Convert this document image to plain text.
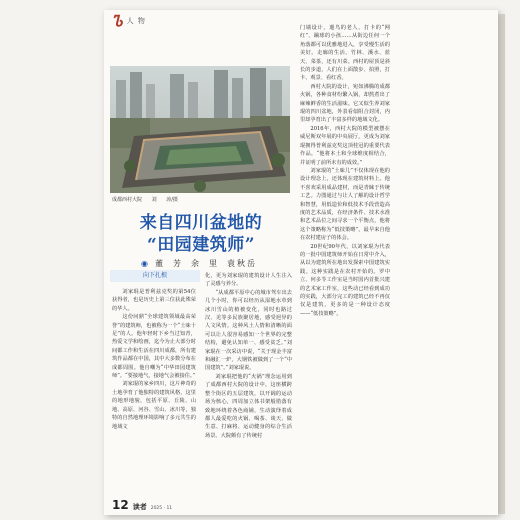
Ꮦ 人 物
成都西村大院 刘 涛/摄
来自四川盆地的
“田园建筑师”
◉ 董 芳 余 里 袁秋岳
向下扎根

刘家琨是普利兹克奖的第54位获得者，也是历史上第三位获此殊荣的华人。

这份问鼎“全球建筑领域最高荣誉”的建筑师，也被称为一个“土味十足”的人。他年轻时下乡当过知青，热爱文学和绘画，迄今为止大部分时间都工作和生活在四川成都，所有建筑作品都在中国，其中大多数分布在成都周围。他自嘲为“中华田园建筑师”。“要接地气，接地气会被接住。”

刘家琨的家乡四川，这片神奇的土地孕育了他独特的建筑风格，这里的地形地貌，包括平原、丘陵、山地、高原、河谷、雪山、冰川等，独特的自然地理环境影响了多元共生的地域文

化，更为刘家琨的建筑设计人生注入了灵感与养分。

“从成都平原中心的城市驾车出去几个小时，你可以经历从湿地水草到冰川雪山的植被变化，同时也路过汉、羌等多民族聚居地，感受迥异的人文风情。这种风土人情和清晰的面可以让人很容易感知一个世界的完整结构，避免认知单一、感受贫乏。”刘家琨在一次采访中说，“关于现金丰富和融汇一炉，大钢铁被做到了一个“中国建筑”。”刘家琨说。

刘家琨把他的“火锅”理念运用到了成都西村大院的设计中。这座横跨整个街区的五层建筑，以开阔的运动场为核心，四周加立体书架般错落有致地环绕着各色商铺，生动演绎着成都人最爱吃的火锅、喝茶、谈天、做生意、打麻将、运动健身的综合生活场景。大院颇有了传统村

门墙设计，遛鸟的老人、打卡的“网红”、蹦球的小孩……从街边任何一个角落都可以优雅地进入，享受慢生活的美好。走廊的生活、竹林、溪水、蓝天、菜茶，还有川菜。西村的屋顶是斜长的步道，人们在上面散步、拍照，打卡、观景、看红香。

西村大院的设计，宛如沸腾的成都火锅，各种食材纷繁入锅，却熬煮出了麻辣鲜香的生活滋味。它又似生养刘家琨的四川盆地，外表看似阻合封闭，内里却孕育出了丰富多样的地域文化。

2016年，西村大院的模型被摆在威尼斯双年展的中央展厅，更成为刘家琨拥得普利兹克奖这顶桂冠的重要代表作品。“他将本土和全球维度相结合，并证明了前所未有的成效。”

刘家琨的“土味儿”不仅体现在他的设计理念上，还体现在建筑材料上。他不喜欢采用成品建材，而是青睐于传统工艺。力图通过与让人了解的设计哲学和智慧，用低造价和低技术手段营造高度的艺术品质，在经济条件、技术水准和艺术品位之间寻求一个平衡点，他将这个策略称为“低技策略”。最早来自他在农村建房子的体会。

20世纪90年代，以刘家琨为代表的一批中国建筑师开始在日常中介入，从以为建筑所在地出发探索中国建筑实践。这种实践是在农村开始的。罗中立、何多苓工作室是当时国内首批兴建的艺术家工作室，这些动已经看到成功的实践，大部分完工的建筑已经不再仅仅是建筑，更多的是一种设计态度——“低技策略”。

12 读者 2025 · 11
